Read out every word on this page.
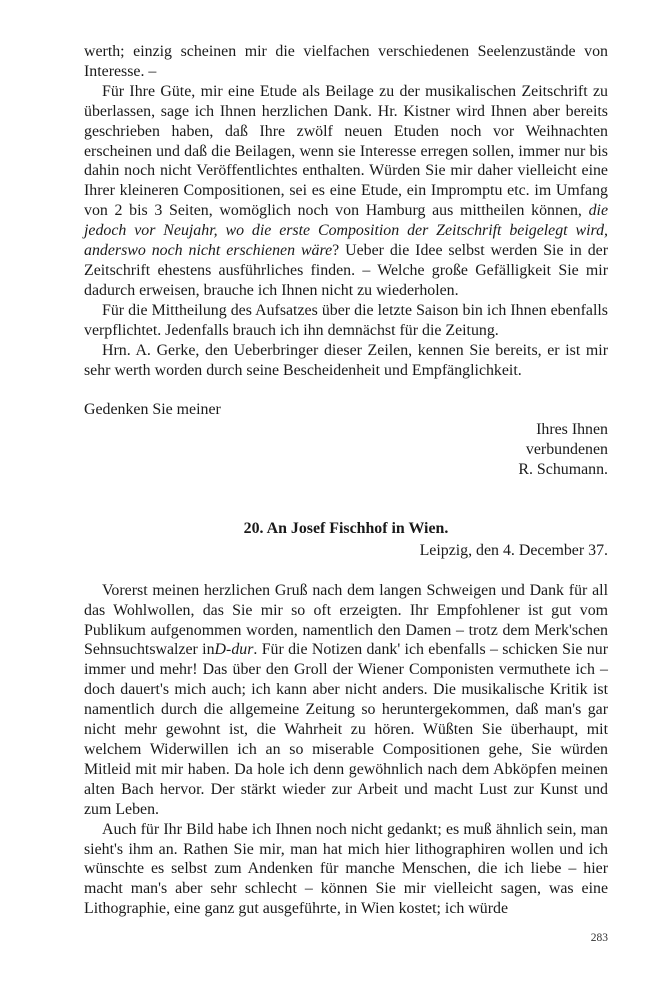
werth; einzig scheinen mir die vielfachen verschiedenen Seelenzustände von Interesse. –

Für Ihre Güte, mir eine Etude als Beilage zu der musikalischen Zeitschrift zu überlassen, sage ich Ihnen herzlichen Dank. Hr. Kistner wird Ihnen aber bereits geschrieben haben, daß Ihre zwölf neuen Etuden noch vor Weihnachten erscheinen und daß die Beilagen, wenn sie Interesse erregen sollen, immer nur bis dahin noch nicht Veröffentlichtes enthalten. Würden Sie mir daher vielleicht eine Ihrer kleineren Compositionen, sei es eine Etude, ein Impromptu etc. im Umfang von 2 bis 3 Seiten, womöglich noch von Hamburg aus mittheilen können, die jedoch vor Neujahr, wo die erste Composition der Zeitschrift beigelegt wird, anderswo noch nicht erschienen wäre? Ueber die Idee selbst werden Sie in der Zeitschrift ehestens ausführliches finden. – Welche große Gefälligkeit Sie mir dadurch erweisen, brauche ich Ihnen nicht zu wiederholen.

Für die Mittheilung des Aufsatzes über die letzte Saison bin ich Ihnen ebenfalls verpflichtet. Jedenfalls brauch ich ihn demnächst für die Zeitung.

Hrn. A. Gerke, den Ueberbringer dieser Zeilen, kennen Sie bereits, er ist mir sehr werth worden durch seine Bescheidenheit und Empfänglichkeit.

Gedenken Sie meiner

Ihres Ihnen

verbundenen

R. Schumann.

20. An Josef Fischhof in Wien.

Leipzig, den 4. December 37.

Vorerst meinen herzlichen Gruß nach dem langen Schweigen und Dank für all das Wohlwollen, das Sie mir so oft erzeigten. Ihr Empfohlener ist gut vom Publikum aufgenommen worden, namentlich den Damen – trotz dem Merk'schen Sehnsuchtswalzer inD-dur. Für die Notizen dank' ich ebenfalls – schicken Sie nur immer und mehr! Das über den Groll der Wiener Componisten vermuthete ich – doch dauert's mich auch; ich kann aber nicht anders. Die musikalische Kritik ist namentlich durch die allgemeine Zeitung so heruntergekommen, daß man's gar nicht mehr gewohnt ist, die Wahrheit zu hören. Wüßten Sie überhaupt, mit welchem Widerwillen ich an so miserable Compositionen gehe, Sie würden Mitleid mit mir haben. Da hole ich denn gewöhnlich nach dem Abköpfen meinen alten Bach hervor. Der stärkt wieder zur Arbeit und macht Lust zur Kunst und zum Leben.

Auch für Ihr Bild habe ich Ihnen noch nicht gedankt; es muß ähnlich sein, man sieht's ihm an. Rathen Sie mir, man hat mich hier lithographiren wollen und ich wünschte es selbst zum Andenken für manche Menschen, die ich liebe – hier macht man's aber sehr schlecht – können Sie mir vielleicht sagen, was eine Lithographie, eine ganz gut ausgeführte, in Wien kostet; ich würde

283
